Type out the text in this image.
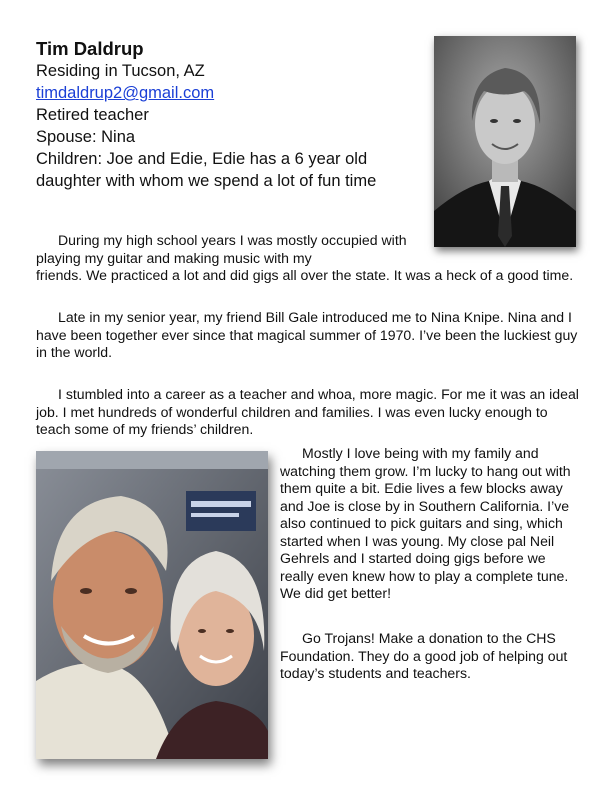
Tim Daldrup

Residing in Tucson, AZ

timdaldrup2@gmail.com

Retired teacher

Spouse: Nina

Children: Joe and Edie, Edie has a 6 year old daughter with whom we spend a lot of fun time

During my high school years I was mostly occupied with playing my guitar and making music with my

friends. We practiced a lot and did gigs all over the state. It was a heck of a good time.

Late in my senior year, my friend Bill Gale introduced me to Nina Knipe. Nina and I have been together ever since that magical summer of 1970. I’ve been the luckiest guy in the world.

I stumbled into a career as a teacher and whoa, more magic. For me it was an ideal job. I met hundreds of wonderful children and families. I was even lucky enough to teach some of my friends’ children.

Mostly I love being with my family and watching them grow. I’m lucky to hang out with them quite a bit. Edie lives a few blocks away and Joe is close by in Southern California. I’ve also continued to pick guitars and sing, which started when I was young. My close pal Neil Gehrels and I started doing gigs before we really even knew how to play a complete tune. We did get better!

Go Trojans! Make a donation to the CHS Foundation. They do a good job of helping out today’s students and teachers.
